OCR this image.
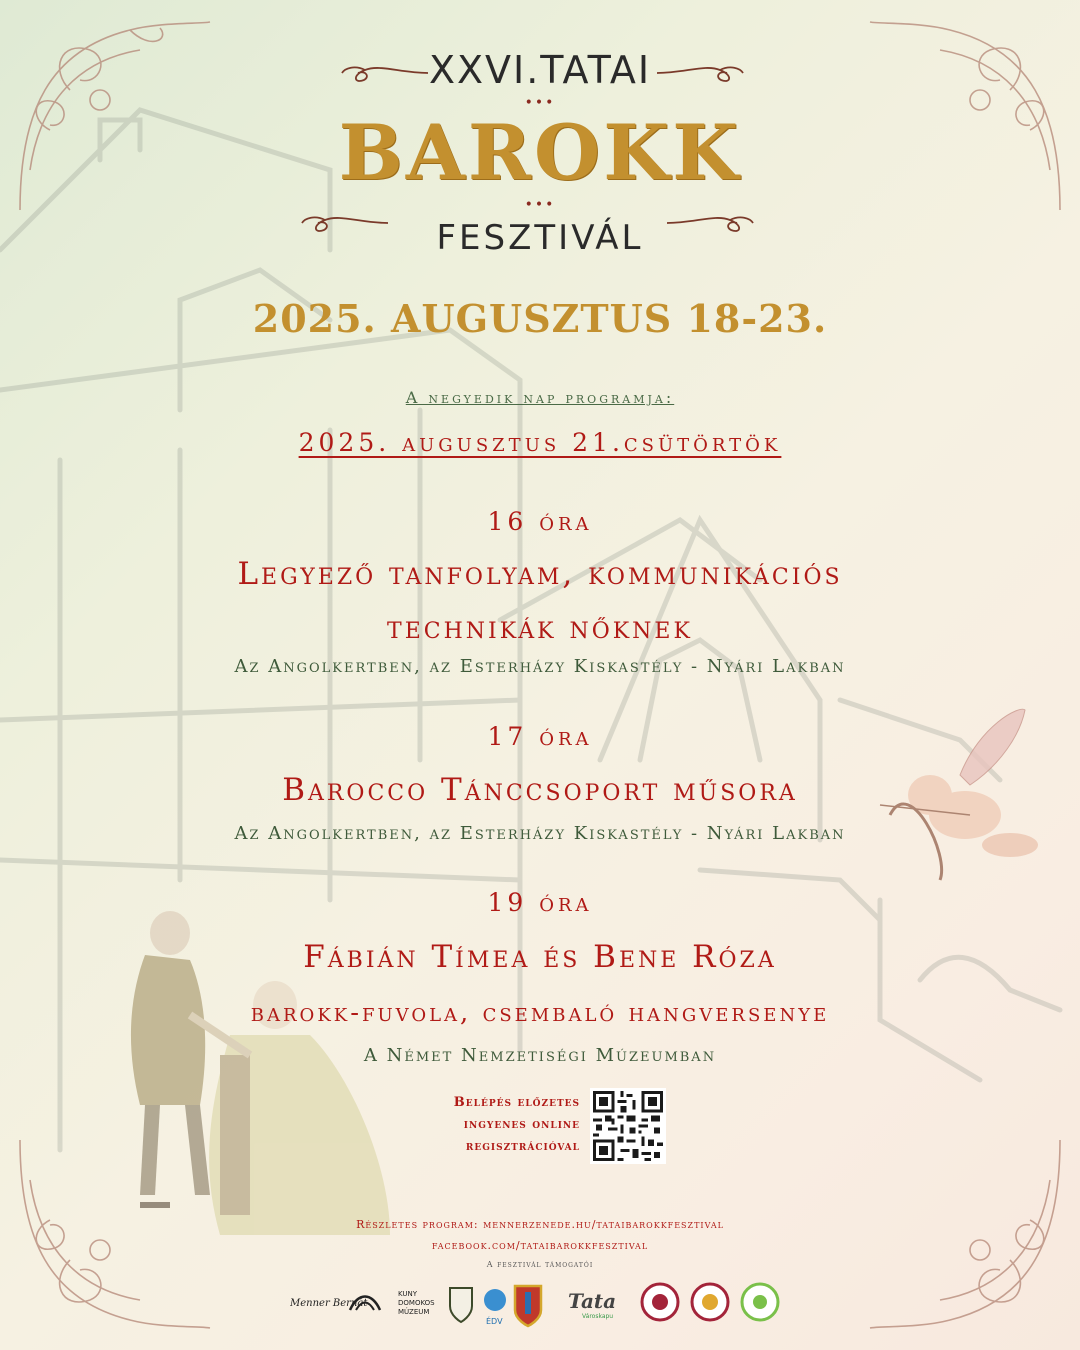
XXVI.TATAI
•••
BAROKK
•••
FESZTIVÁL
2025. AUGUSZTUS 18-23.
A negyedik nap programja:
2025. augusztus 21.csütörtök
16 óra
Legyező tanfolyam, kommunikációs
technikák nőknek
Az Angolkertben, az Esterházy Kiskastély - Nyári Lakban
17 óra
Barocco Tánccsoport műsora
Az Angolkertben, az Esterházy Kiskastély - Nyári Lakban
19 óra
Fábián Tímea és Bene Róza
barokk-fuvola, csembaló hangversenye
A Német Nemzetiségi Múzeumban
Belépés előzetes
ingyenes online
regisztrációval
Részletes program: mennerzenede.hu/tataibarokkfesztival
facebook.com/tataibarokkfesztival
A fesztivál támogatói
Menner Bernát
KUNY
DOMOKOS
MÚZEUM
ÉDV
Tata
Városkapu
